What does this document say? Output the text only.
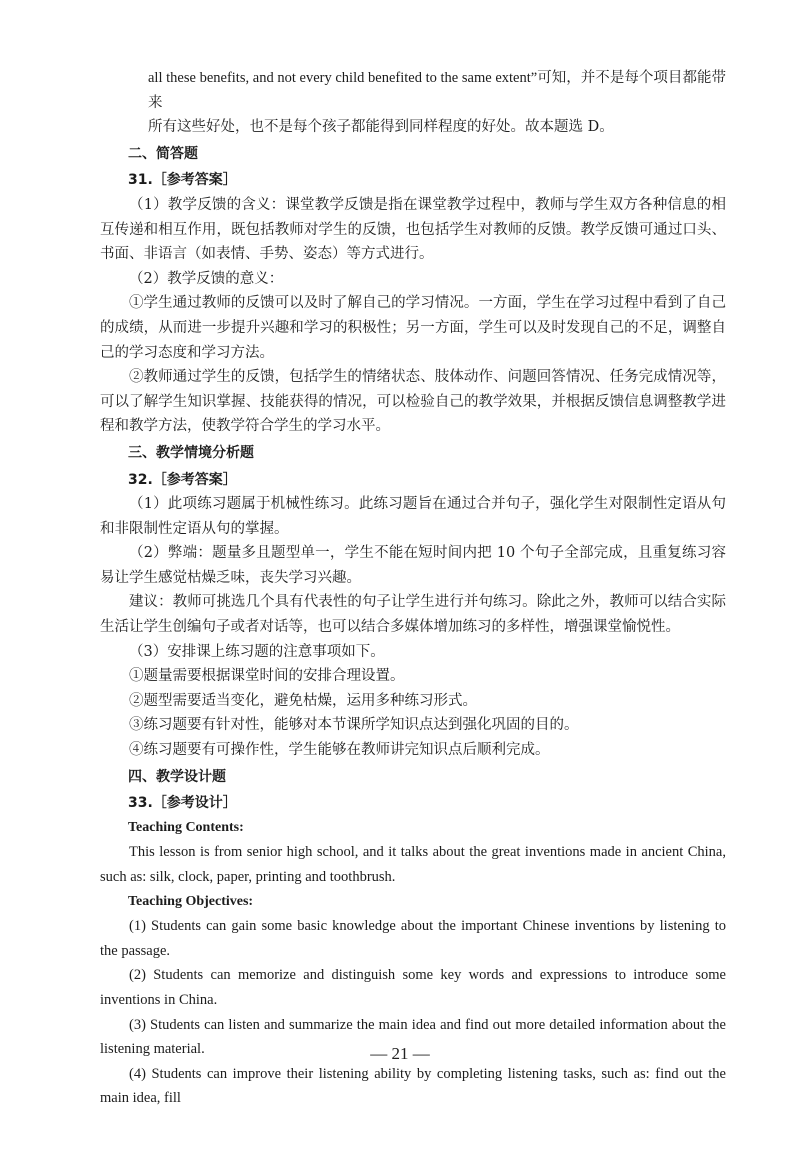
all these benefits, and not every child benefited to the same extent”可知，并不是每个项目都能带来

所有这些好处，也不是每个孩子都能得到同样程度的好处。故本题选 D。

二、简答题

31.［参考答案］

（1）教学反馈的含义：课堂教学反馈是指在课堂教学过程中，教师与学生双方各种信息的相互传递和相互作用，既包括教师对学生的反馈，也包括学生对教师的反馈。教学反馈可通过口头、书面、非语言（如表情、手势、姿态）等方式进行。

（2）教学反馈的意义：

①学生通过教师的反馈可以及时了解自己的学习情况。一方面，学生在学习过程中看到了自己的成绩，从而进一步提升兴趣和学习的积极性；另一方面，学生可以及时发现自己的不足，调整自己的学习态度和学习方法。

②教师通过学生的反馈，包括学生的情绪状态、肢体动作、问题回答情况、任务完成情况等，可以了解学生知识掌握、技能获得的情况，可以检验自己的教学效果，并根据反馈信息调整教学进程和教学方法，使教学符合学生的学习水平。

三、教学情境分析题

32.［参考答案］

（1）此项练习题属于机械性练习。此练习题旨在通过合并句子，强化学生对限制性定语从句和非限制性定语从句的掌握。

（2）弊端：题量多且题型单一，学生不能在短时间内把 10 个句子全部完成，且重复练习容易让学生感觉枯燥乏味，丧失学习兴趣。

建议：教师可挑选几个具有代表性的句子让学生进行并句练习。除此之外，教师可以结合实际生活让学生创编句子或者对话等，也可以结合多媒体增加练习的多样性，增强课堂愉悦性。

（3）安排课上练习题的注意事项如下。

①题量需要根据课堂时间的安排合理设置。

②题型需要适当变化，避免枯燥，运用多种练习形式。

③练习题要有针对性，能够对本节课所学知识点达到强化巩固的目的。

④练习题要有可操作性，学生能够在教师讲完知识点后顺利完成。

四、教学设计题

33.［参考设计］

Teaching Contents:

This lesson is from senior high school, and it talks about the great inventions made in ancient China, such as: silk, clock, paper, printing and toothbrush.

Teaching Objectives:

(1) Students can gain some basic knowledge about the important Chinese inventions by listening to the passage.

(2) Students can memorize and distinguish some key words and expressions to introduce some inventions in China.

(3) Students can listen and summarize the main idea and find out more detailed information about the listening material.

(4) Students can improve their listening ability by completing listening tasks, such as: find out the main idea, fill

— 21 —
